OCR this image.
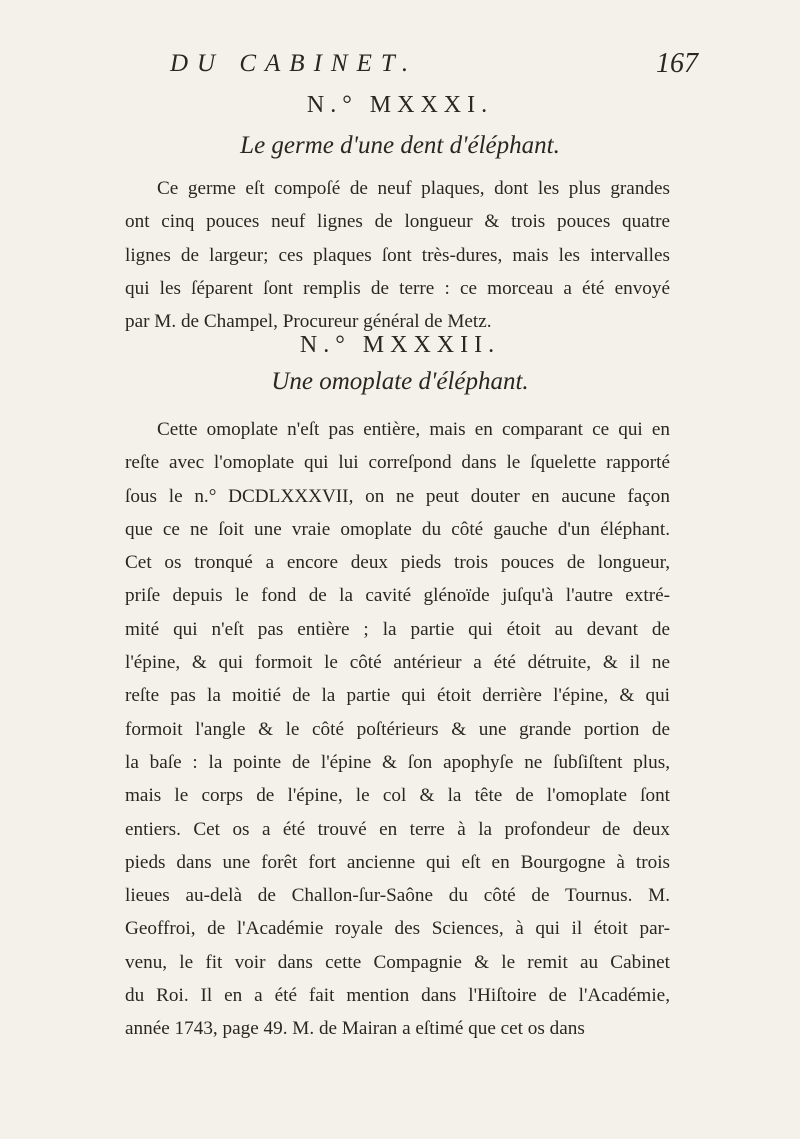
DU CABINET.	167
N.° MXXXI.
Le germe d'une dent d'éléphant.

Ce germe eſt compoſé de neuf plaques, dont les plus grandes
ont cinq pouces neuf lignes de longueur & trois pouces quatre
lignes de largeur; ces plaques ſont très-dures, mais les intervalles
qui les ſéparent ſont remplis de terre : ce morceau a été envoyé
par M. de Champel, Procureur général de Metz.

N.° MXXXII.
Une omoplate d'éléphant.

Cette omoplate n'eſt pas entière, mais en comparant ce qui en
reſte avec l'omoplate qui lui correſpond dans le ſquelette rapporté
ſous le n.° DCDLXXXVII, on ne peut douter en aucune façon
que ce ne ſoit une vraie omoplate du côté gauche d'un éléphant.
Cet os tronqué a encore deux pieds trois pouces de longueur,
priſe depuis le fond de la cavité glénoïde juſqu'à l'autre extré-
mité qui n'eſt pas entière ; la partie qui étoit au devant de
l'épine, & qui formoit le côté antérieur a été détruite, & il ne
reſte pas la moitié de la partie qui étoit derrière l'épine, & qui
formoit l'angle & le côté poſtérieurs & une grande portion de
la baſe : la pointe de l'épine & ſon apophyſe ne ſubſiſtent plus,
mais le corps de l'épine, le col & la tête de l'omoplate ſont
entiers. Cet os a été trouvé en terre à la profondeur de deux
pieds dans une forêt fort ancienne qui eſt en Bourgogne à trois
lieues au-delà de Challon-ſur-Saône du côté de Tournus. M.
Geoffroi, de l'Académie royale des Sciences, à qui il étoit par-
venu, le fit voir dans cette Compagnie & le remit au Cabinet
du Roi. Il en a été fait mention dans l'Hiſtoire de l'Académie,
année 1743, page 49. M. de Mairan a eſtimé que cet os dans
